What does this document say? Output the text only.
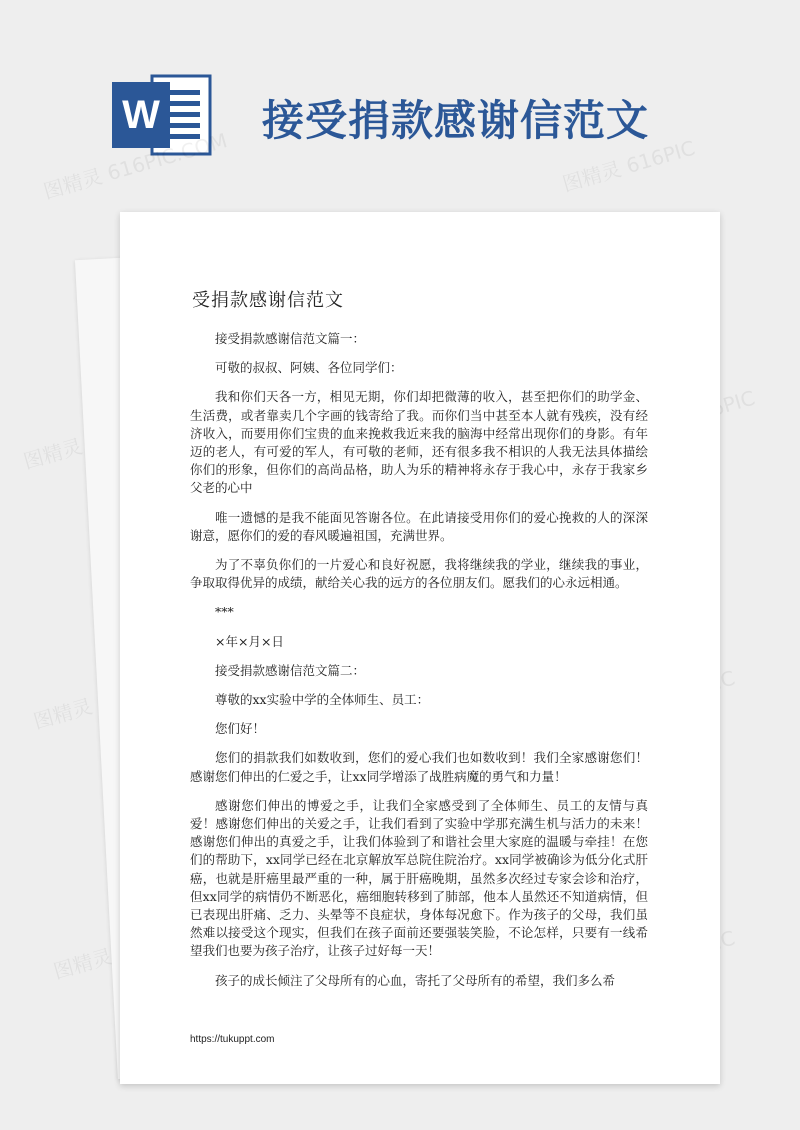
W 接受捐款感谢信范文
图精灵 616PIC.COM	图精灵 616PIC
图精灵
616PIC
图精灵
图精灵
受捐款感谢信范文

接受捐款感谢信范文篇一：

可敬的叔叔、阿姨、各位同学们：

我和你们天各一方，相见无期，你们却把微薄的收入，甚至把你们的助学金、生活费，或者靠卖几个字画的钱寄给了我。而你们当中甚至本人就有残疾，没有经济收入，而要用你们宝贵的血来挽救我近来我的脑海中经常出现你们的身影。有年迈的老人，有可爱的军人，有可敬的老师，还有很多我不相识的人我无法具体描绘你们的形象，但你们的高尚品格，助人为乐的精神将永存于我心中，永存于我家乡父老的心中

唯一遗憾的是我不能面见答谢各位。在此请接受用你们的爱心挽救的人的深深谢意，愿你们的爱的春风暖遍祖国，充满世界。

为了不辜负你们的一片爱心和良好祝愿，我将继续我的学业，继续我的事业，争取取得优异的成绩，献给关心我的远方的各位朋友们。愿我们的心永远相通。

***

×年×月×日

接受捐款感谢信范文篇二：

尊敬的xx实验中学的全体师生、员工：

您们好！

您们的捐款我们如数收到，您们的爱心我们也如数收到！我们全家感谢您们！感谢您们伸出的仁爱之手，让xx同学增添了战胜病魔的勇气和力量！

感谢您们伸出的博爱之手，让我们全家感受到了全体师生、员工的友情与真爱！感谢您们伸出的关爱之手，让我们看到了实验中学那充满生机与活力的未来！感谢您们伸出的真爱之手，让我们体验到了和谐社会里大家庭的温暖与牵挂！在您们的帮助下，xx同学已经在北京解放军总院住院治疗。xx同学被确诊为低分化式肝癌，也就是肝癌里最严重的一种，属于肝癌晚期，虽然多次经过专家会诊和治疗，但xx同学的病情仍不断恶化，癌细胞转移到了肺部，他本人虽然还不知道病情，但已表现出肝痛、乏力、头晕等不良症状，身体每况愈下。作为孩子的父母，我们虽然难以接受这个现实，但我们在孩子面前还要强装笑脸，不论怎样，只要有一线希望我们也要为孩子治疗，让孩子过好每一天！

孩子的成长倾注了父母所有的心血，寄托了父母所有的希望，我们多么希

https://tukuppt.com
